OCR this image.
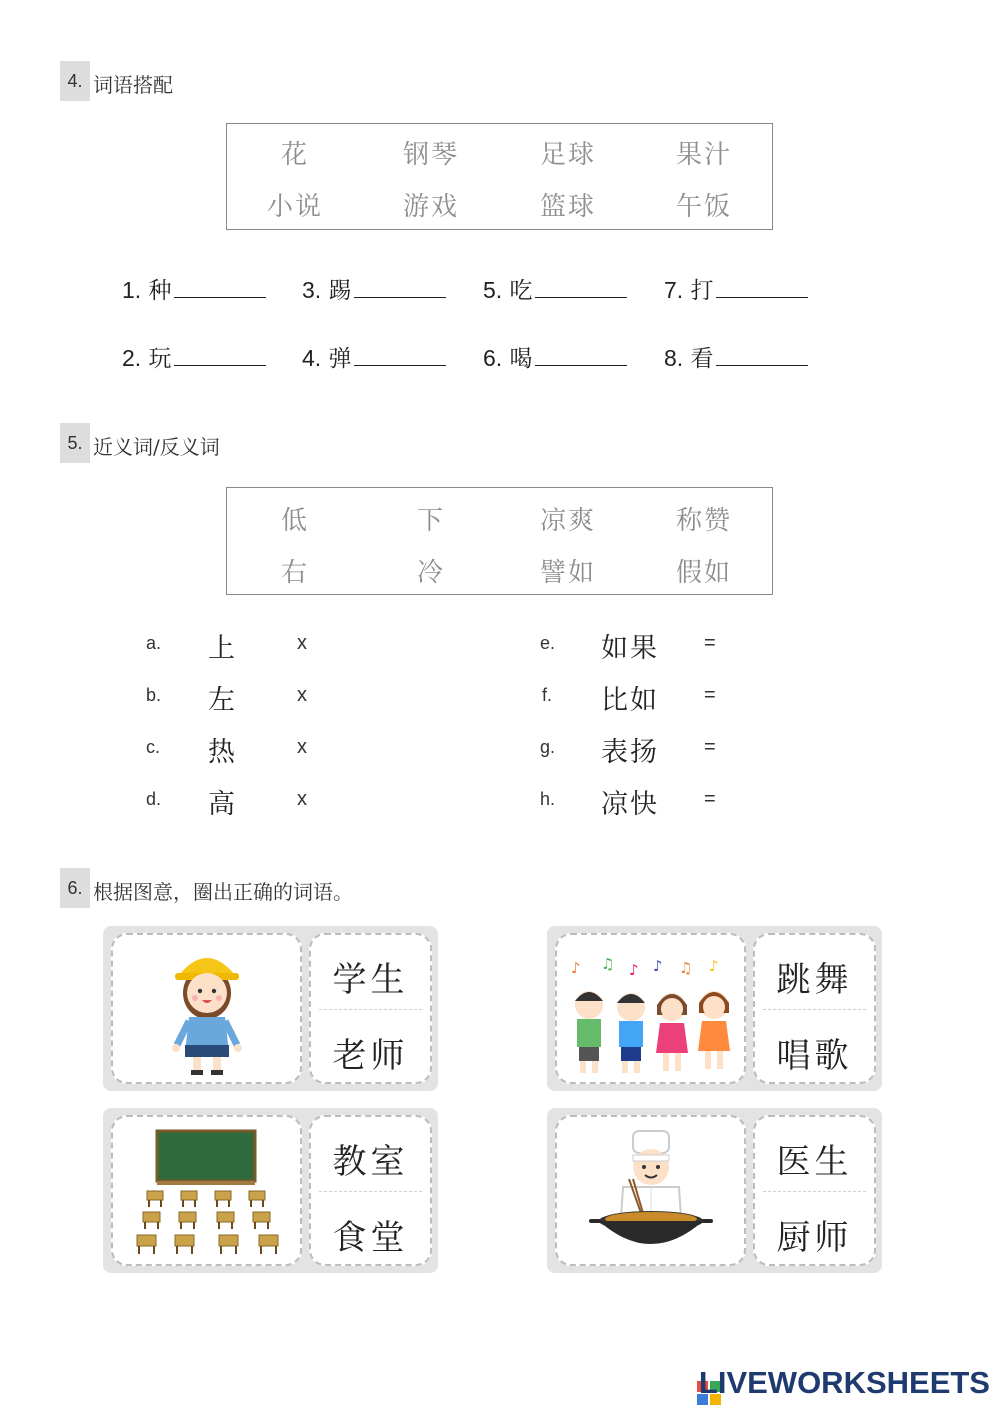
4. 词语搭配
花	钢琴	足球	果汁
小说	游戏	篮球	午饭
1. 种	3. 踢	5. 吃	7. 打
2. 玩	4. 弹	6. 喝	8. 看
5. 近义词/反义词
低	下	凉爽	称赞
右	冷	譬如	假如
a. 上	x
b. 左	x
c. 热	x
d. 高	x
e. 如果 =
f. 比如 =
g. 表扬 =
h. 凉快 =
6. 根据图意，圈出正确的词语。
学生
老师
♪ ♫ ♪ ♪ ♫ ♪	跳舞
唱歌
教室
食堂
医生
厨师
LIVEWORKSHEETS
